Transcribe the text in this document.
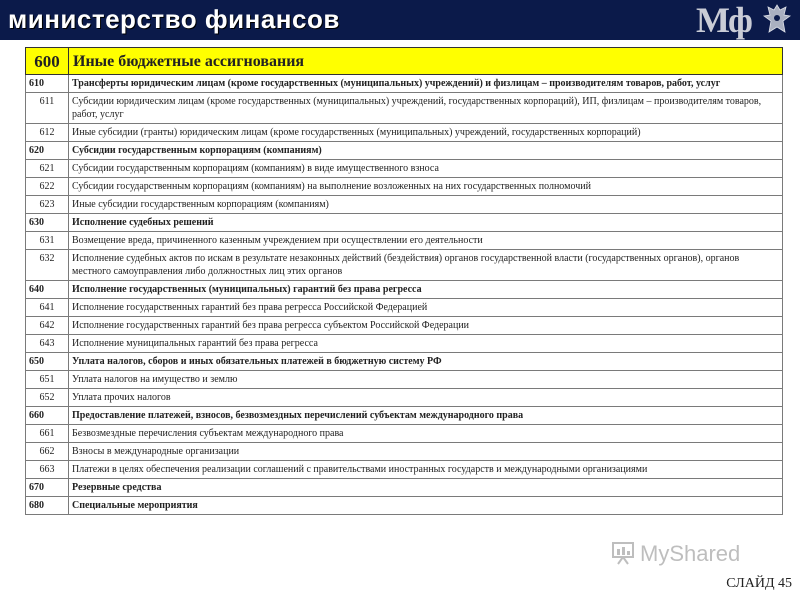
министерство финансов	Мф
600	Иные бюджетные ассигнования
610	Трансферты юридическим лицам (кроме государственных (муниципальных) учреждений) и физлицам – производителям товаров, работ, услуг
611	Субсидии юридическим лицам (кроме государственных (муниципальных) учреждений, государственных корпораций), ИП, физлицам – производителям товаров, работ, услуг
612	Иные субсидии (гранты) юридическим лицам (кроме государственных (муниципальных) учреждений, государственных корпораций)
620	Субсидии государственным корпорациям (компаниям)
621	Субсидии государственным корпорациям (компаниям) в виде имущественного взноса
622	Субсидии государственным корпорациям (компаниям) на выполнение возложенных на них государственных полномочий
623	Иные субсидии государственным корпорациям (компаниям)
630	Исполнение судебных решений
631	Возмещение вреда, причиненного казенным учреждением при осуществлении его деятельности
632	Исполнение судебных актов по искам в результате незаконных действий (бездействия) органов государственной власти (государственных органов), органов местного самоуправления либо должностных лиц этих органов
640	Исполнение государственных (муниципальных) гарантий без права регресса
641	Исполнение государственных гарантий без права регресса Российской Федерацией
642	Исполнение государственных гарантий без права регресса субъектом Российской Федерации
643	Исполнение муниципальных гарантий без права регресса
650	Уплата налогов, сборов и иных обязательных платежей в бюджетную систему РФ
651	Уплата налогов на имущество и землю
652	Уплата прочих налогов
660	Предоставление платежей, взносов, безвозмездных перечислений субъектам международного права
661	Безвозмездные перечисления субъектам международного права
662	Взносы в международные организации
663	Платежи в целях обеспечения реализации соглашений с правительствами иностранных государств и международными организациями
670	Резервные средства
680	Специальные мероприятия
MyShared
СЛАЙД 45
